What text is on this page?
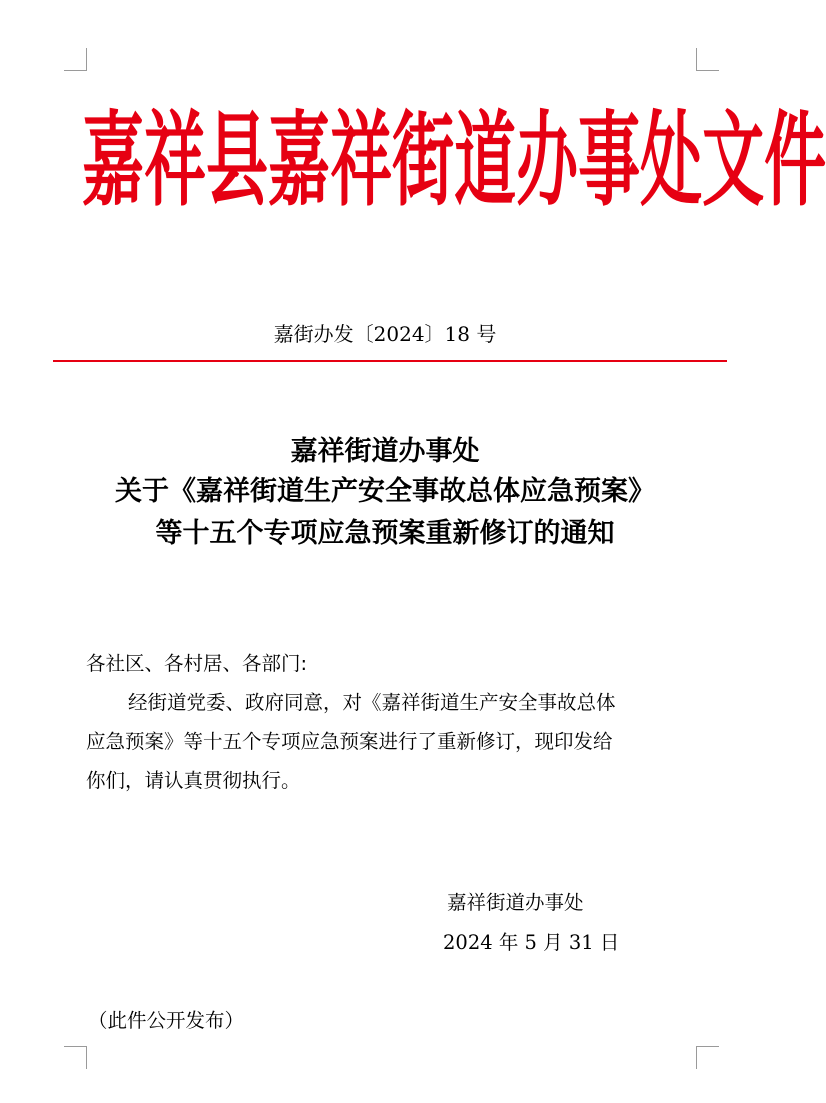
嘉 祥 县 嘉 祥 街 道 办 事 处 文 件
嘉街办发〔2024〕18 号
嘉祥街道办事处
关于《嘉祥街道生产安全事故总体应急预案》
等十五个专项应急预案重新修订的通知
各社区、各村居、各部门:
经街道党委、政府同意，对《嘉祥街道生产安全事故总体
应急预案》等十五个专项应急预案进行了重新修订，现印发给
你们，请认真贯彻执行。
嘉祥街道办事处
2024 年 5 月 31 日
（此件公开发布）
